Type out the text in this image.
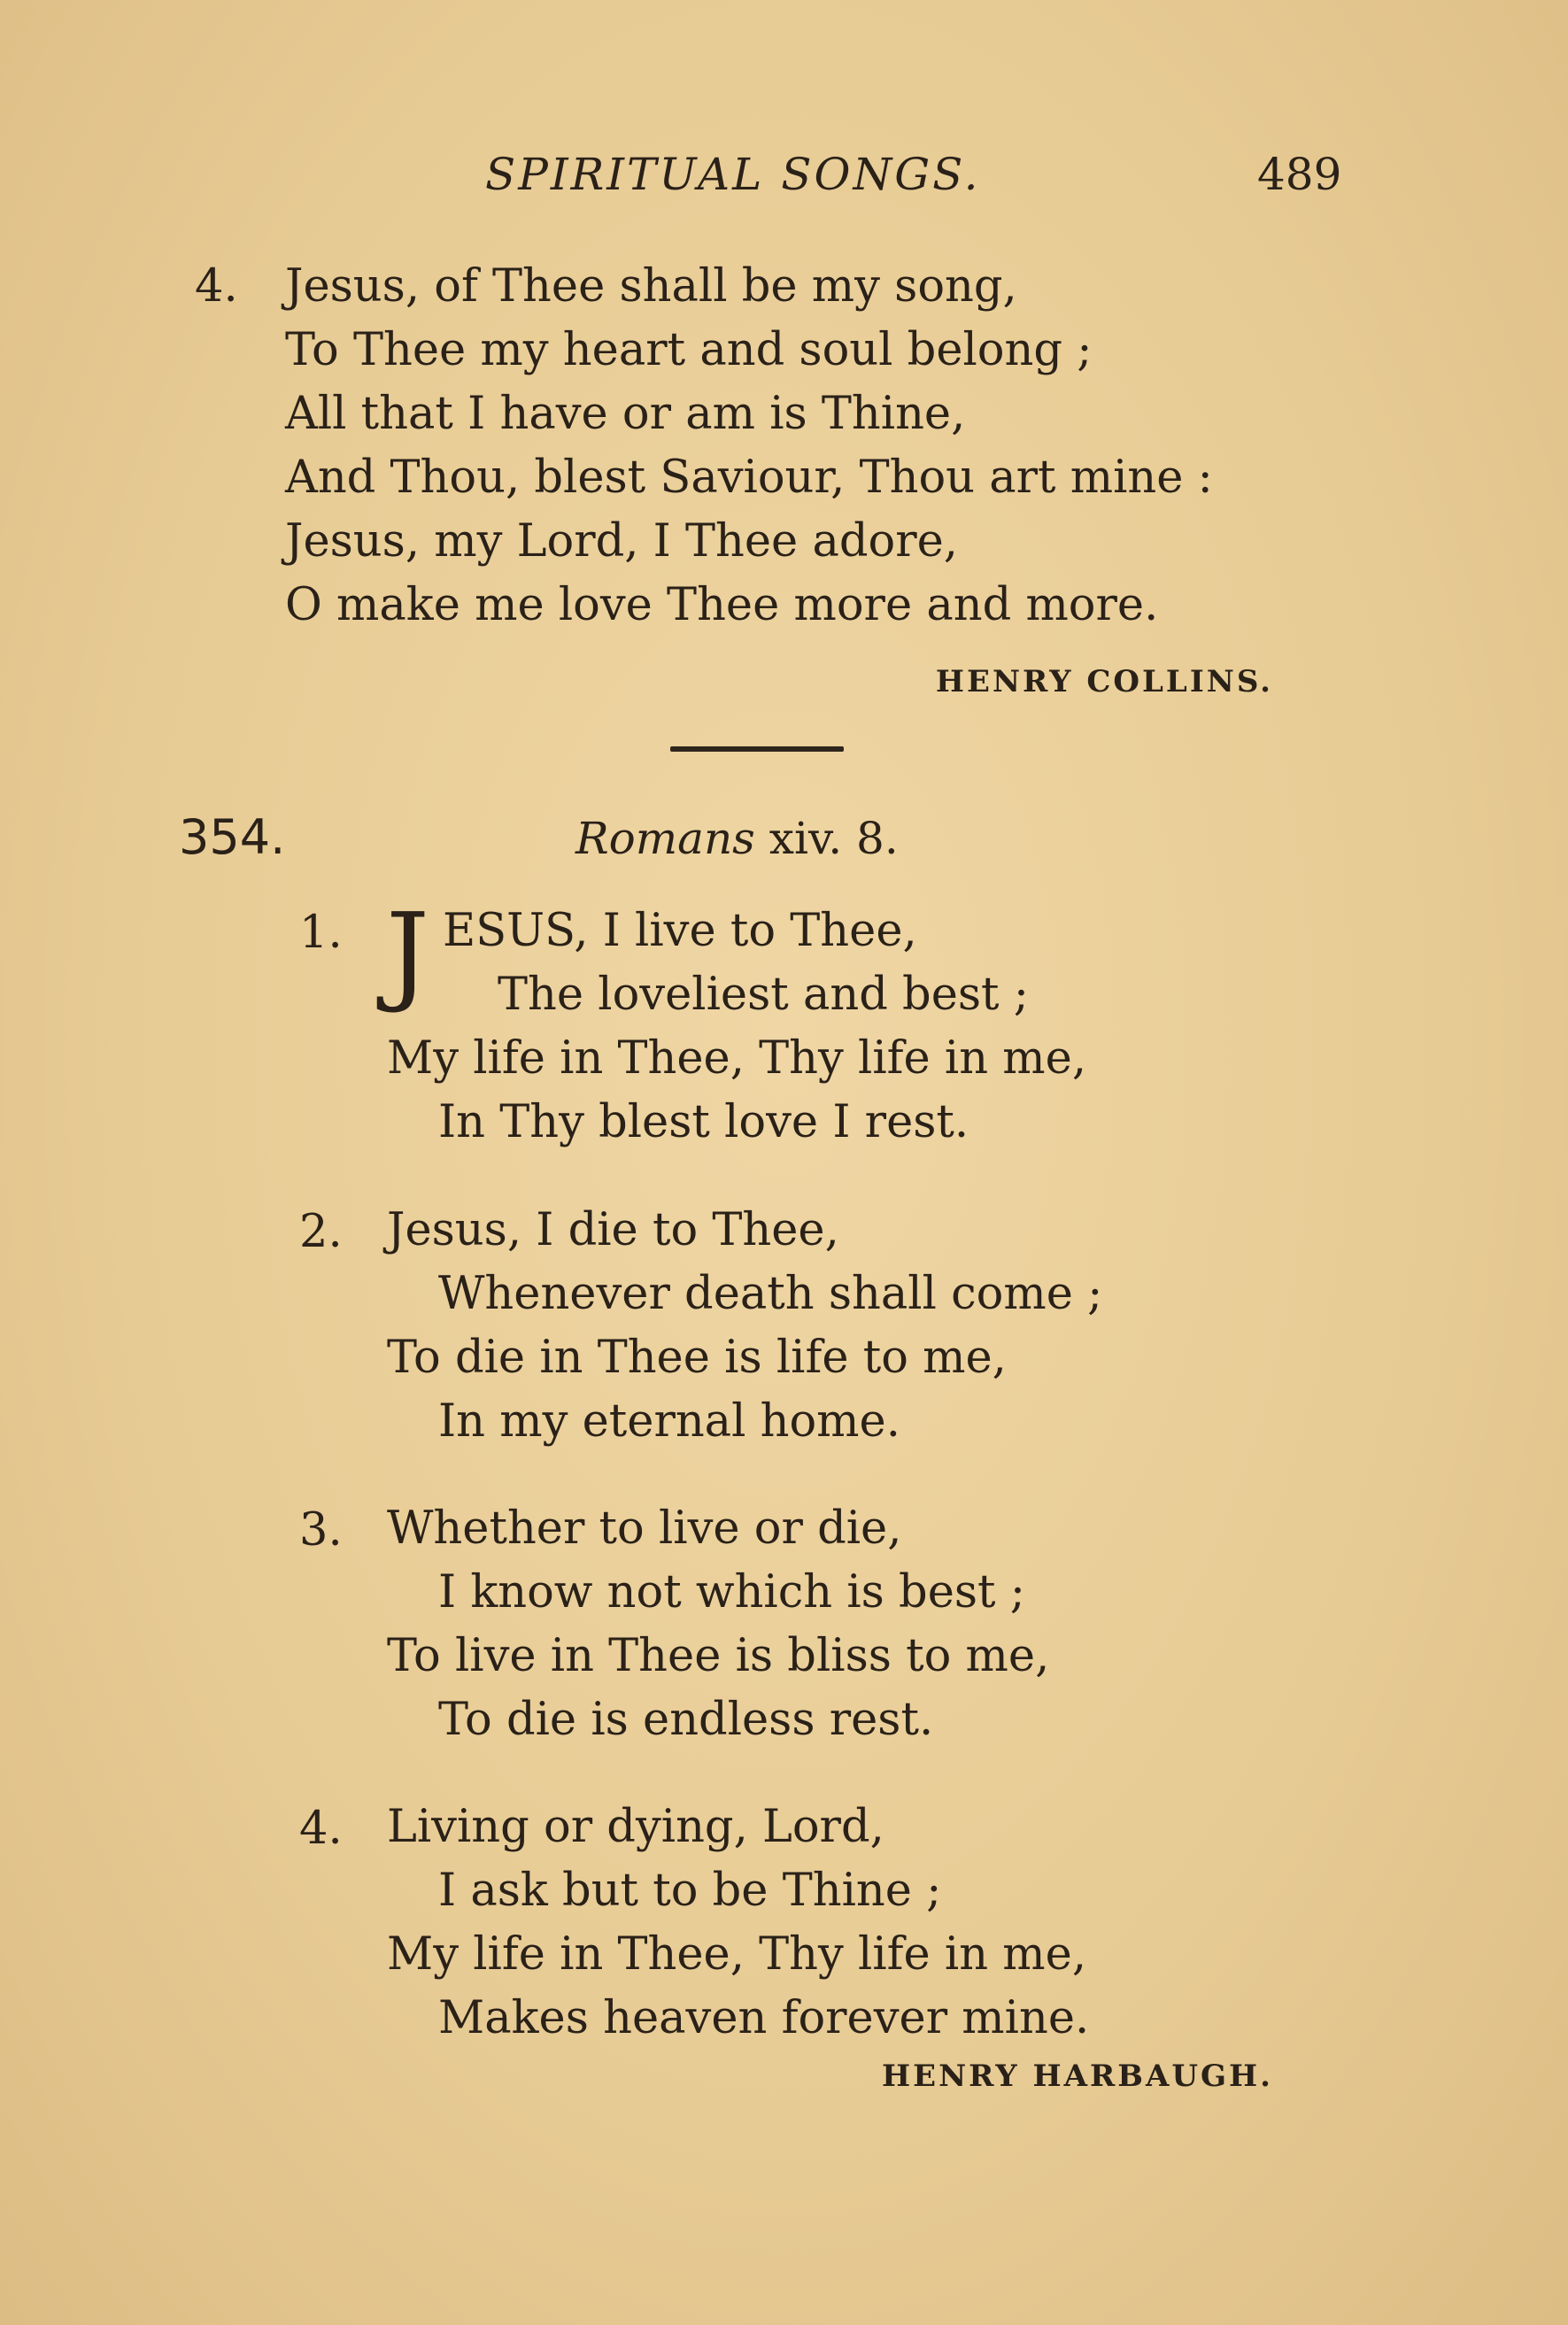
SPIRITUAL SONGS.	489
4. Jesus, of Thee shall be my song,
To Thee my heart and soul belong ;
All that I have or am is Thine,
And Thou, blest Saviour, Thou art mine :
Jesus, my Lord, I Thee adore,
O make me love Thee more and more.
HENRY COLLINS.
354.	Romans xiv. 8.
1. J ESUS, I live to Thee,
The loveliest and best ;
My life in Thee, Thy life in me,
In Thy blest love I rest.
2. Jesus, I die to Thee,
Whenever death shall come ;
To die in Thee is life to me,
In my eternal home.
3. Whether to live or die,
I know not which is best ;
To live in Thee is bliss to me,
To die is endless rest.
4. Living or dying, Lord,
I ask but to be Thine ;
My life in Thee, Thy life in me,
Makes heaven forever mine.
HENRY HARBAUGH.
